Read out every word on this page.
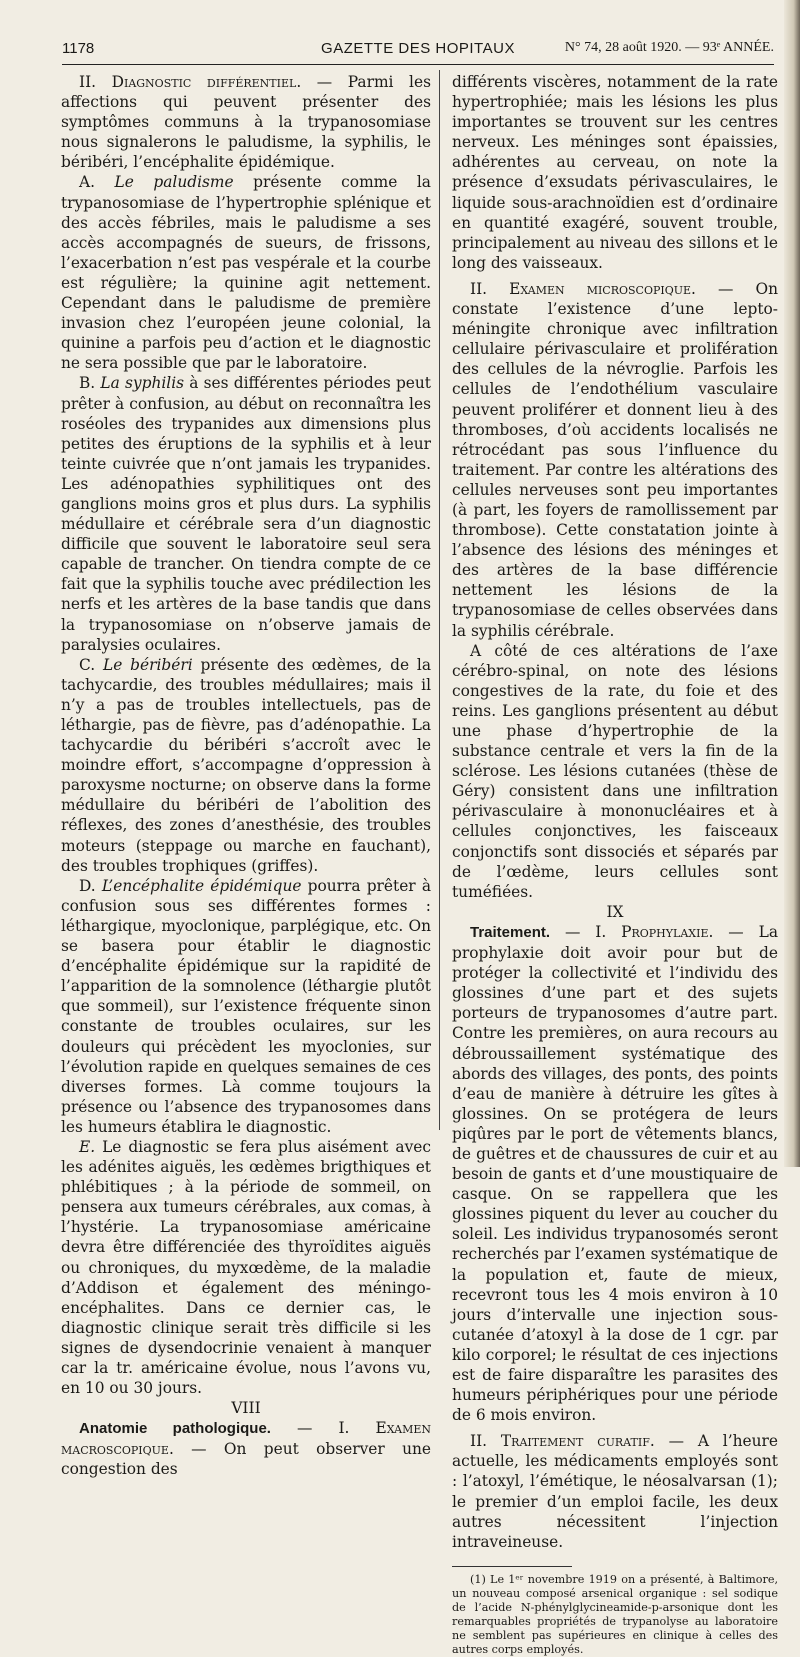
1178	GAZETTE DES HOPITAUX	N° 74, 28 août 1920. — 93ᵉ ANNÉE.

II. Diagnostic différentiel. — Parmi les affections qui peuvent présenter des symptômes communs à la trypanosomiase nous signalerons le paludisme, la syphilis, le béribéri, l’encéphalite épidémique.

A. Le paludisme présente comme la trypanosomiase de l’hypertrophie splénique et des accès fébriles, mais le paludisme a ses accès accompagnés de sueurs, de frissons, l’exacerbation n’est pas vespérale et la courbe est régulière; la quinine agit nettement. Cependant dans le paludisme de première invasion chez l’européen jeune colonial, la quinine a parfois peu d’action et le diagnostic ne sera possible que par le laboratoire.

B. La syphilis à ses différentes périodes peut prêter à confusion, au début on reconnaîtra les roséoles des trypanides aux dimensions plus petites des éruptions de la syphilis et à leur teinte cuivrée que n’ont jamais les trypanides. Les adénopathies syphilitiques ont des ganglions moins gros et plus durs. La syphilis médullaire et cérébrale sera d’un diagnostic difficile que souvent le laboratoire seul sera capable de trancher. On tiendra compte de ce fait que la syphilis touche avec prédilection les nerfs et les artères de la base tandis que dans la trypanosomiase on n’observe jamais de paralysies oculaires.

C. Le béribéri présente des œdèmes, de la tachycardie, des troubles médullaires; mais il n’y a pas de troubles intellectuels, pas de léthargie, pas de fièvre, pas d’adénopathie. La tachycardie du béribéri s’accroît avec le moindre effort, s’accompagne d’oppression à paroxysme nocturne; on observe dans la forme médullaire du béribéri de l’abolition des réflexes, des zones d’anesthésie, des troubles moteurs (steppage ou marche en fauchant), des troubles trophiques (griffes).

D. L’encéphalite épidémique pourra prêter à confusion sous ses différentes formes : léthargique, myoclonique, parplégique, etc. On se basera pour établir le diagnostic d’encéphalite épidémique sur la rapidité de l’apparition de la somnolence (léthargie plutôt que sommeil), sur l’existence fréquente sinon constante de troubles oculaires, sur les douleurs qui précèdent les myoclonies, sur l’évolution rapide en quelques semaines de ces diverses formes. Là comme toujours la présence ou l’absence des trypanosomes dans les humeurs établira le diagnostic.

E. Le diagnostic se fera plus aisément avec les adénites aiguës, les œdèmes brigthiques et phlébitiques ; à la période de sommeil, on pensera aux tumeurs cérébrales, aux comas, à l’hystérie. La trypanosomiase américaine devra être différenciée des thyroïdites aiguës ou chroniques, du myxœdème, de la maladie d’Addison et également des méningo-encéphalites. Dans ce dernier cas, le diagnostic clinique serait très difficile si les signes de dysendocrinie venaient à manquer car la tr. américaine évolue, nous l’avons vu, en 10 ou 30 jours.

VIII

Anatomie pathologique. — I. Examen macroscopique. — On peut observer une congestion des

différents viscères, notamment de la rate hypertrophiée; mais les lésions les plus importantes se trouvent sur les centres nerveux. Les méninges sont épaissies, adhérentes au cerveau, on note la présence d’exsudats périvasculaires, le liquide sous-arachnoïdien est d’ordinaire en quantité exagéré, souvent trouble, principalement au niveau des sillons et le long des vaisseaux.

II. Examen microscopique. — On constate l’existence d’une lepto-méningite chronique avec infiltration cellulaire périvasculaire et prolifération des cellules de la névroglie. Parfois les cellules de l’endothélium vasculaire peuvent proliférer et donnent lieu à des thromboses, d’où accidents localisés ne rétrocédant pas sous l’influence du traitement. Par contre les altérations des cellules nerveuses sont peu importantes (à part, les foyers de ramollissement par thrombose). Cette constatation jointe à l’absence des lésions des méninges et des artères de la base différencie nettement les lésions de la trypanosomiase de celles observées dans la syphilis cérébrale.

A côté de ces altérations de l’axe cérébro-spinal, on note des lésions congestives de la rate, du foie et des reins. Les ganglions présentent au début une phase d’hypertrophie de la substance centrale et vers la fin de la sclérose. Les lésions cutanées (thèse de Géry) consistent dans une infiltration périvasculaire à mononucléaires et à cellules conjonctives, les faisceaux conjonctifs sont dissociés et séparés par de l’œdème, leurs cellules sont tuméfiées.

IX

Traitement. — I. Prophylaxie. — La prophylaxie doit avoir pour but de protéger la collectivité et l’individu des glossines d’une part et des sujets porteurs de trypanosomes d’autre part. Contre les premières, on aura recours au débroussaillement systématique des abords des villages, des ponts, des points d’eau de manière à détruire les gîtes à glossines. On se protégera de leurs piqûres par le port de vêtements blancs, de guêtres et de chaussures de cuir et au besoin de gants et d’une moustiquaire de casque. On se rappellera que les glossines piquent du lever au coucher du soleil. Les individus trypanosomés seront recherchés par l’examen systématique de la population et, faute de mieux, recevront tous les 4 mois environ à 10 jours d’intervalle une injection sous-cutanée d’atoxyl à la dose de 1 cgr. par kilo corporel; le résultat de ces injections est de faire disparaître les parasites des humeurs périphériques pour une période de 6 mois environ.

II. Traitement curatif. — A l’heure actuelle, les médicaments employés sont : l’atoxyl, l’émétique, le néosalvarsan (1); le premier d’un emploi facile, les deux autres nécessitent l’injection intraveineuse.

(1) Le 1ᵉʳ novembre 1919 on a présenté, à Baltimore, un nouveau composé arsenical organique : sel sodique de l’acide N-phénylglycineamide-p-arsonique dont les remarquables propriétés de trypanolyse au laboratoire ne semblent pas supérieures en clinique à celles des autres corps employés.
